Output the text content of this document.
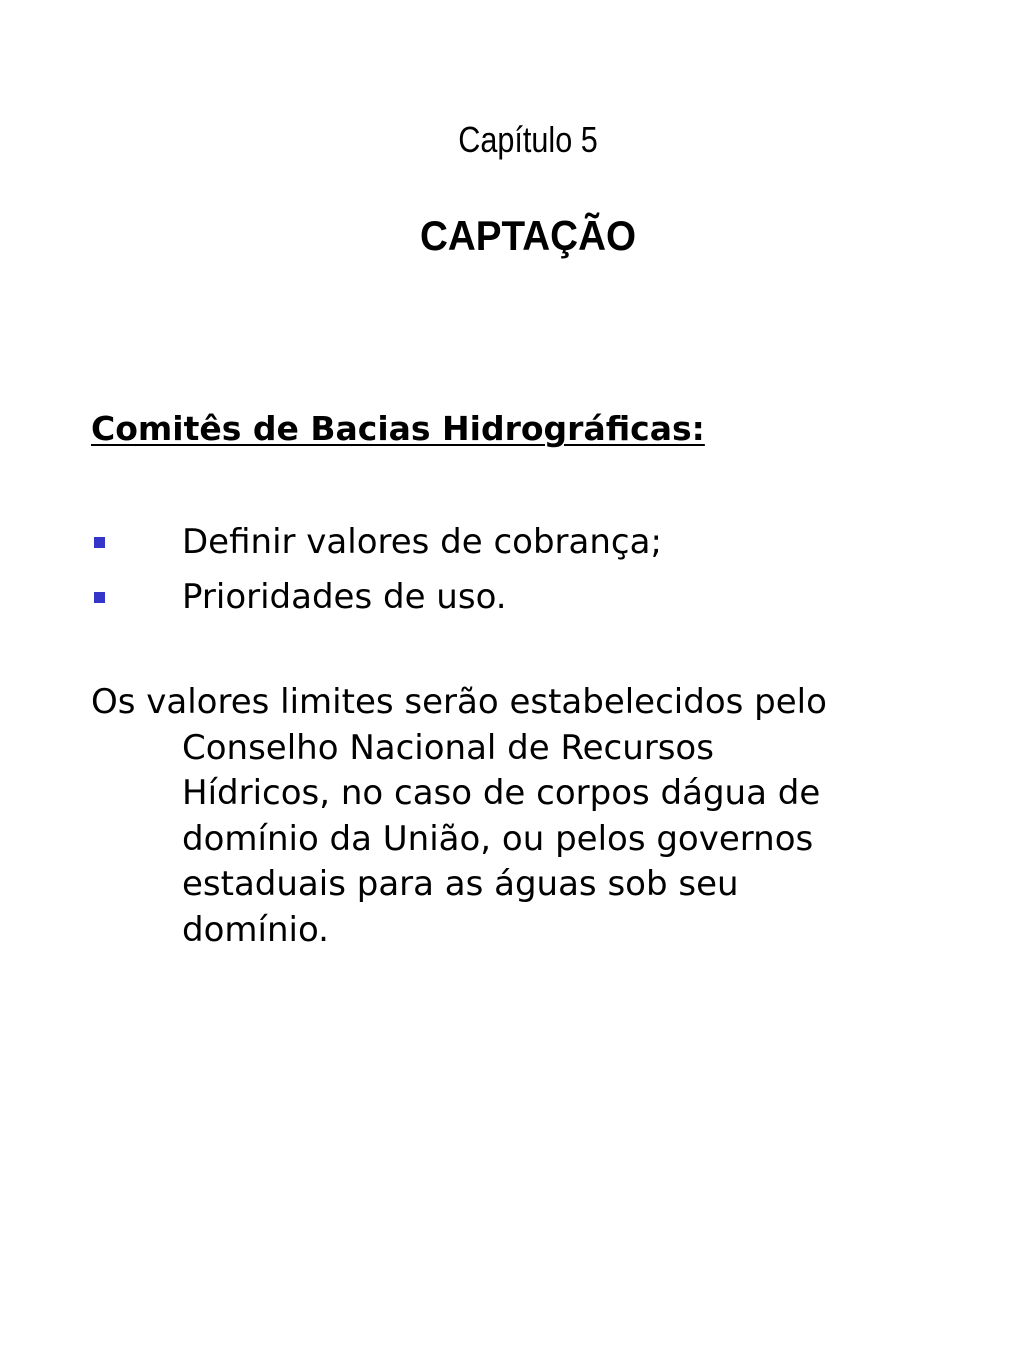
Capítulo 5
CAPTAÇÃO
Comitês de Bacias Hidrográficas:
Definir valores de cobrança;
Prioridades de uso.

Os valores limites serão estabelecidos pelo
Conselho Nacional de Recursos
Hídricos, no caso de corpos dágua de
domínio da União, ou pelos governos
estaduais para as águas sob seu
domínio.
